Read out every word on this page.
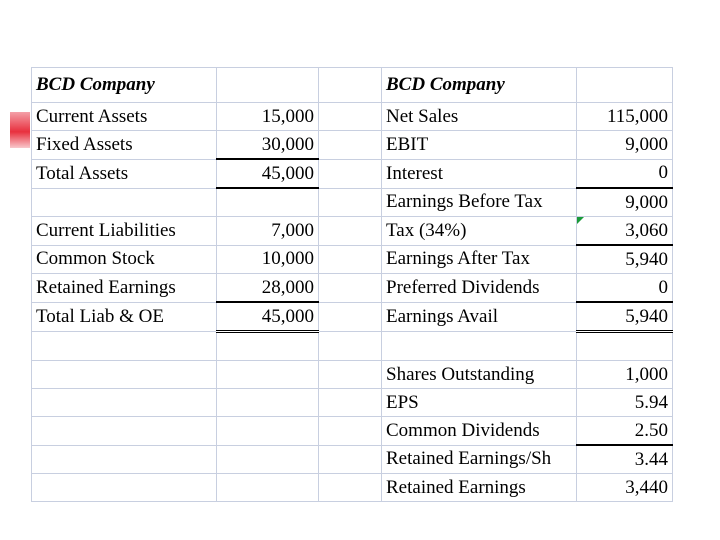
BCD Company			BCD Company	
Current Assets	15,000		Net Sales	115,000
Fixed Assets	30,000		EBIT	9,000
Total Assets	45,000		Interest	0
			Earnings Before Tax	9,000
Current Liabilities	7,000		Tax (34%)	3,060
Common Stock	10,000		Earnings After Tax	5,940
Retained Earnings	28,000		Preferred Dividends	0
Total Liab & OE	45,000		Earnings Avail	5,940

			Shares Outstanding	1,000
			EPS	5.94
			Common Dividends	2.50
			Retained Earnings/Sh	3.44
			Retained Earnings	3,440
